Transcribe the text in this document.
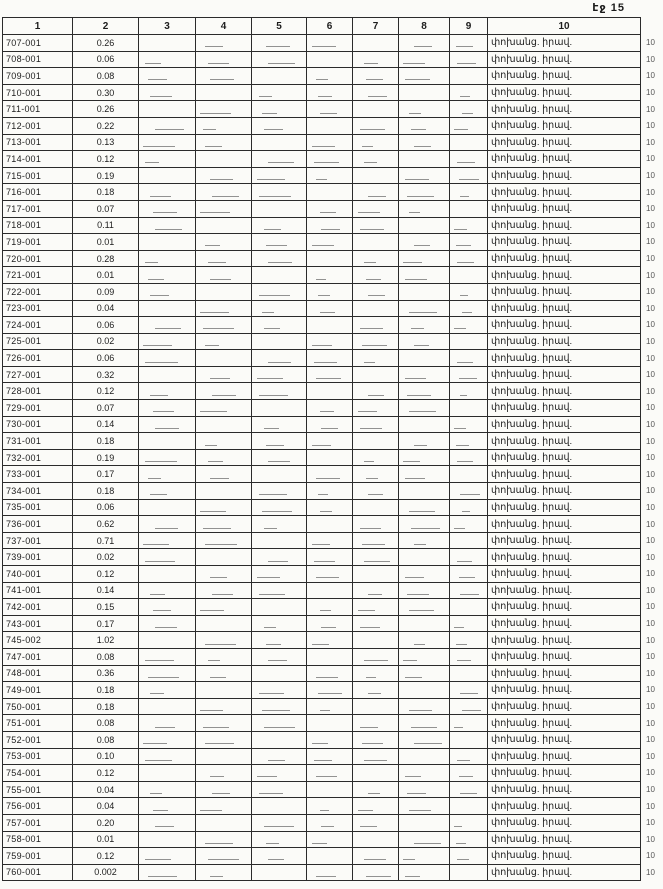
էջ 15
1	2	3	4	5	6	7	8	9	10	
707-001	0.26								փոխանց. իրավ.	10
708-001	0.06								փոխանց. իրավ.	10
709-001	0.08								փոխանց. իրավ.	10
710-001	0.30								փոխանց. իրավ.	10
711-001	0.26								փոխանց. իրավ.	10
712-001	0.22								փոխանց. իրավ.	10
713-001	0.13								փոխանց. իրավ.	10
714-001	0.12								փոխանց. իրավ.	10
715-001	0.19								փոխանց. իրավ.	10
716-001	0.18								փոխանց. իրավ.	10
717-001	0.07								փոխանց. իրավ.	10
718-001	0.11								փոխանց. իրավ.	10
719-001	0.01								փոխանց. իրավ.	10
720-001	0.28								փոխանց. իրավ.	10
721-001	0.01								փոխանց. իրավ.	10
722-001	0.09								փոխանց. իրավ.	10
723-001	0.04								փոխանց. իրավ.	10
724-001	0.06								փոխանց. իրավ.	10
725-001	0.02								փոխանց. իրավ.	10
726-001	0.06								փոխանց. իրավ.	10
727-001	0.32								փոխանց. իրավ.	10
728-001	0.12								փոխանց. իրավ.	10
729-001	0.07								փոխանց. իրավ.	10
730-001	0.14								փոխանց. իրավ.	10
731-001	0.18								փոխանց. իրավ.	10
732-001	0.19								փոխանց. իրավ.	10
733-001	0.17								փոխանց. իրավ.	10
734-001	0.18								փոխանց. իրավ.	10
735-001	0.06								փոխանց. իրավ.	10
736-001	0.62								փոխանց. իրավ.	10
737-001	0.71								փոխանց. իրավ.	10
739-001	0.02								փոխանց. իրավ.	10
740-001	0.12								փոխանց. իրավ.	10
741-001	0.14								փոխանց. իրավ.	10
742-001	0.15								փոխանց. իրավ.	10
743-001	0.17								փոխանց. իրավ.	10
745-002	1.02								փոխանց. իրավ.	10
747-001	0.08								փոխանց. իրավ.	10
748-001	0.36								փոխանց. իրավ.	10
749-001	0.18								փոխանց. իրավ.	10
750-001	0.18								փոխանց. իրավ.	10
751-001	0.08								փոխանց. իրավ.	10
752-001	0.08								փոխանց. իրավ.	10
753-001	0.10								փոխանց. իրավ.	10
754-001	0.12								փոխանց. իրավ.	10
755-001	0.04								փոխանց. իրավ.	10
756-001	0.04								փոխանց. իրավ.	10
757-001	0.20								փոխանց. իրավ.	10
758-001	0.01								փոխանց. իրավ.	10
759-001	0.12								փոխանց. իրավ.	10
760-001	0.002								փոխանց. իրավ.	10
